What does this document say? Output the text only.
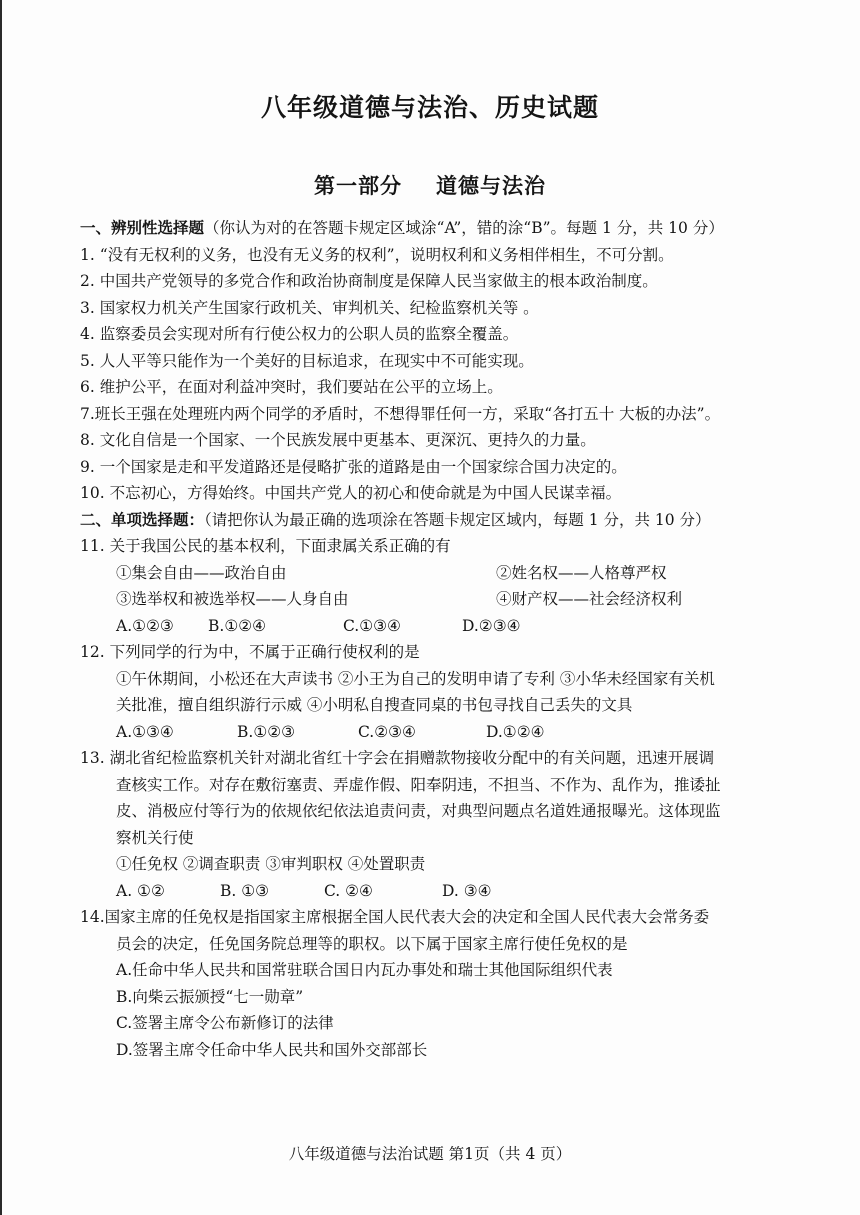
八年级道德与法治、历史试题
第一部分 道德与法治
一、辨别性选择题（你认为对的在答题卡规定区域涂“A”，错的涂“B”。每题 1 分，共 10 分）
1. “没有无权利的义务，也没有无义务的权利”，说明权利和义务相伴相生，不可分割。
2. 中国共产党领导的多党合作和政治协商制度是保障人民当家做主的根本政治制度。
3. 国家权力机关产生国家行政机关、审判机关、纪检监察机关等 。
4. 监察委员会实现对所有行使公权力的公职人员的监察全覆盖。
5. 人人平等只能作为一个美好的目标追求，在现实中不可能实现。
6. 维护公平，在面对利益冲突时，我们要站在公平的立场上。
7.班长王强在处理班内两个同学的矛盾时，不想得罪任何一方，采取“各打五十 大板的办法”。
8. 文化自信是一个国家、一个民族发展中更基本、更深沉、更持久的力量。
9. 一个国家是走和平发道路还是侵略扩张的道路是由一个国家综合国力决定的。
10. 不忘初心，方得始终。中国共产党人的初心和使命就是为中国人民谋幸福。
二、单项选择题：（请把你认为最正确的选项涂在答题卡规定区域内，每题 1 分，共 10 分）
11. 关于我国公民的基本权利，下面隶属关系正确的有
①集会自由——政治自由	②姓名权——人格尊严权
③选举权和被选举权——人身自由	④财产权——社会经济权利
A.①②③ B.①②④	C.①③④	D.②③④
12. 下列同学的行为中，不属于正确行使权利的是
①午休期间，小松还在大声读书 ②小王为自己的发明申请了专利 ③小华未经国家有关机
关批准，擅自组织游行示威 ④小明私自搜查同桌的书包寻找自己丢失的文具
A.①③④	B.①②③	C.②③④	D.①②④
13. 湖北省纪检监察机关针对湖北省红十字会在捐赠款物接收分配中的有关问题，迅速开展调
查核实工作。对存在敷衍塞责、弄虚作假、阳奉阴违，不担当、不作为、乱作为，推诿扯
皮、消极应付等行为的依规依纪依法追责问责，对典型问题点名道姓通报曝光。这体现监
察机关行使
①任免权 ②调查职责 ③审判职权 ④处置职责
A. ①②	B. ①③	C. ②④	D. ③④
14.国家主席的任免权是指国家主席根据全国人民代表大会的决定和全国人民代表大会常务委
员会的决定，任免国务院总理等的职权。以下属于国家主席行使任免权的是
A.任命中华人民共和国常驻联合国日内瓦办事处和瑞士其他国际组织代表
B.向柴云振颁授“七一勋章”
C.签署主席令公布新修订的法律
D.签署主席令任命中华人民共和国外交部部长
八年级道德与法治试题 第1页（共 4 页）
